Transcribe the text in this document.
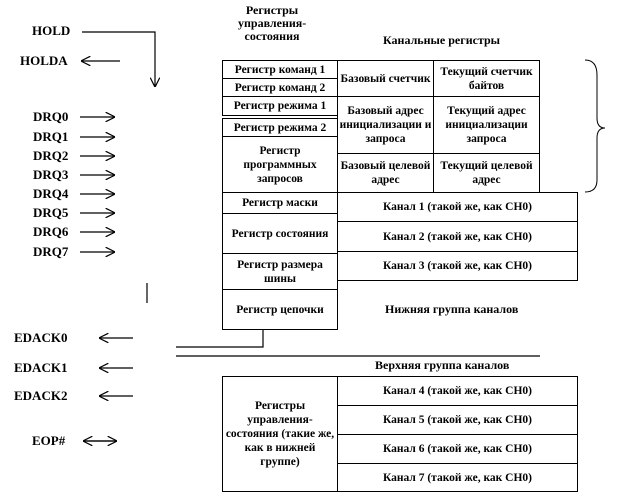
Регистры управления-состояния	Канальные регистры
HOLD
HOLDA
DRQ0
DRQ1
DRQ2
DRQ3
DRQ4
DRQ5
DRQ6
DRQ7
EDACK0
EDACK1
EDACK2
EOP#
Регистр команд 1
Регистр команд 2
Регистр режима 1
Регистр режима 2
Регистр программных запросов
Регистр маски
Регистр состояния
Регистр размера шины
Регистр цепочки
Базовый счетчик
Текущий счетчик байтов
Базовый адрес инициализации и запроса
Текущий адрес инициализации запроса
Базовый целевой адрес
Текущий целевой адрес
Канал 1 (такой же, как CH0)
Канал 2 (такой же, как CH0)
Канал 3 (такой же, как CH0)
Нижняя группа каналов
Верхняя группа каналов
Регистры управления-состояния (такие же, как в нижней группе)
Канал 4 (такой же, как CH0)
Канал 5 (такой же, как CH0)
Канал 6 (такой же, как CH0)
Канал 7 (такой же, как CH0)
